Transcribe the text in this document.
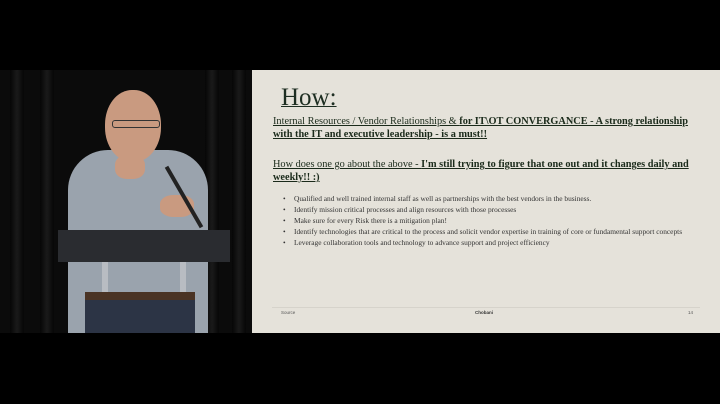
How:
Internal Resources / Vendor Relationships & for IT\OT CONVERGANCE - A strong relationship with the IT and executive leadership - is a must!!
How does one go about the above - I'm still trying to figure that one out and it changes daily and weekly!! :)
• Qualified and well trained internal staff as well as partnerships with the best vendors in the business.
• Identify mission critical processes and align resources with those processes
• Make sure for every Risk there is a mitigation plan!
• Identify technologies that are critical to the process and solicit vendor expertise in training of core or fundamental support concepts
• Leverage collaboration tools and technology to advance support and project efficiency
Source	Chobani	14
